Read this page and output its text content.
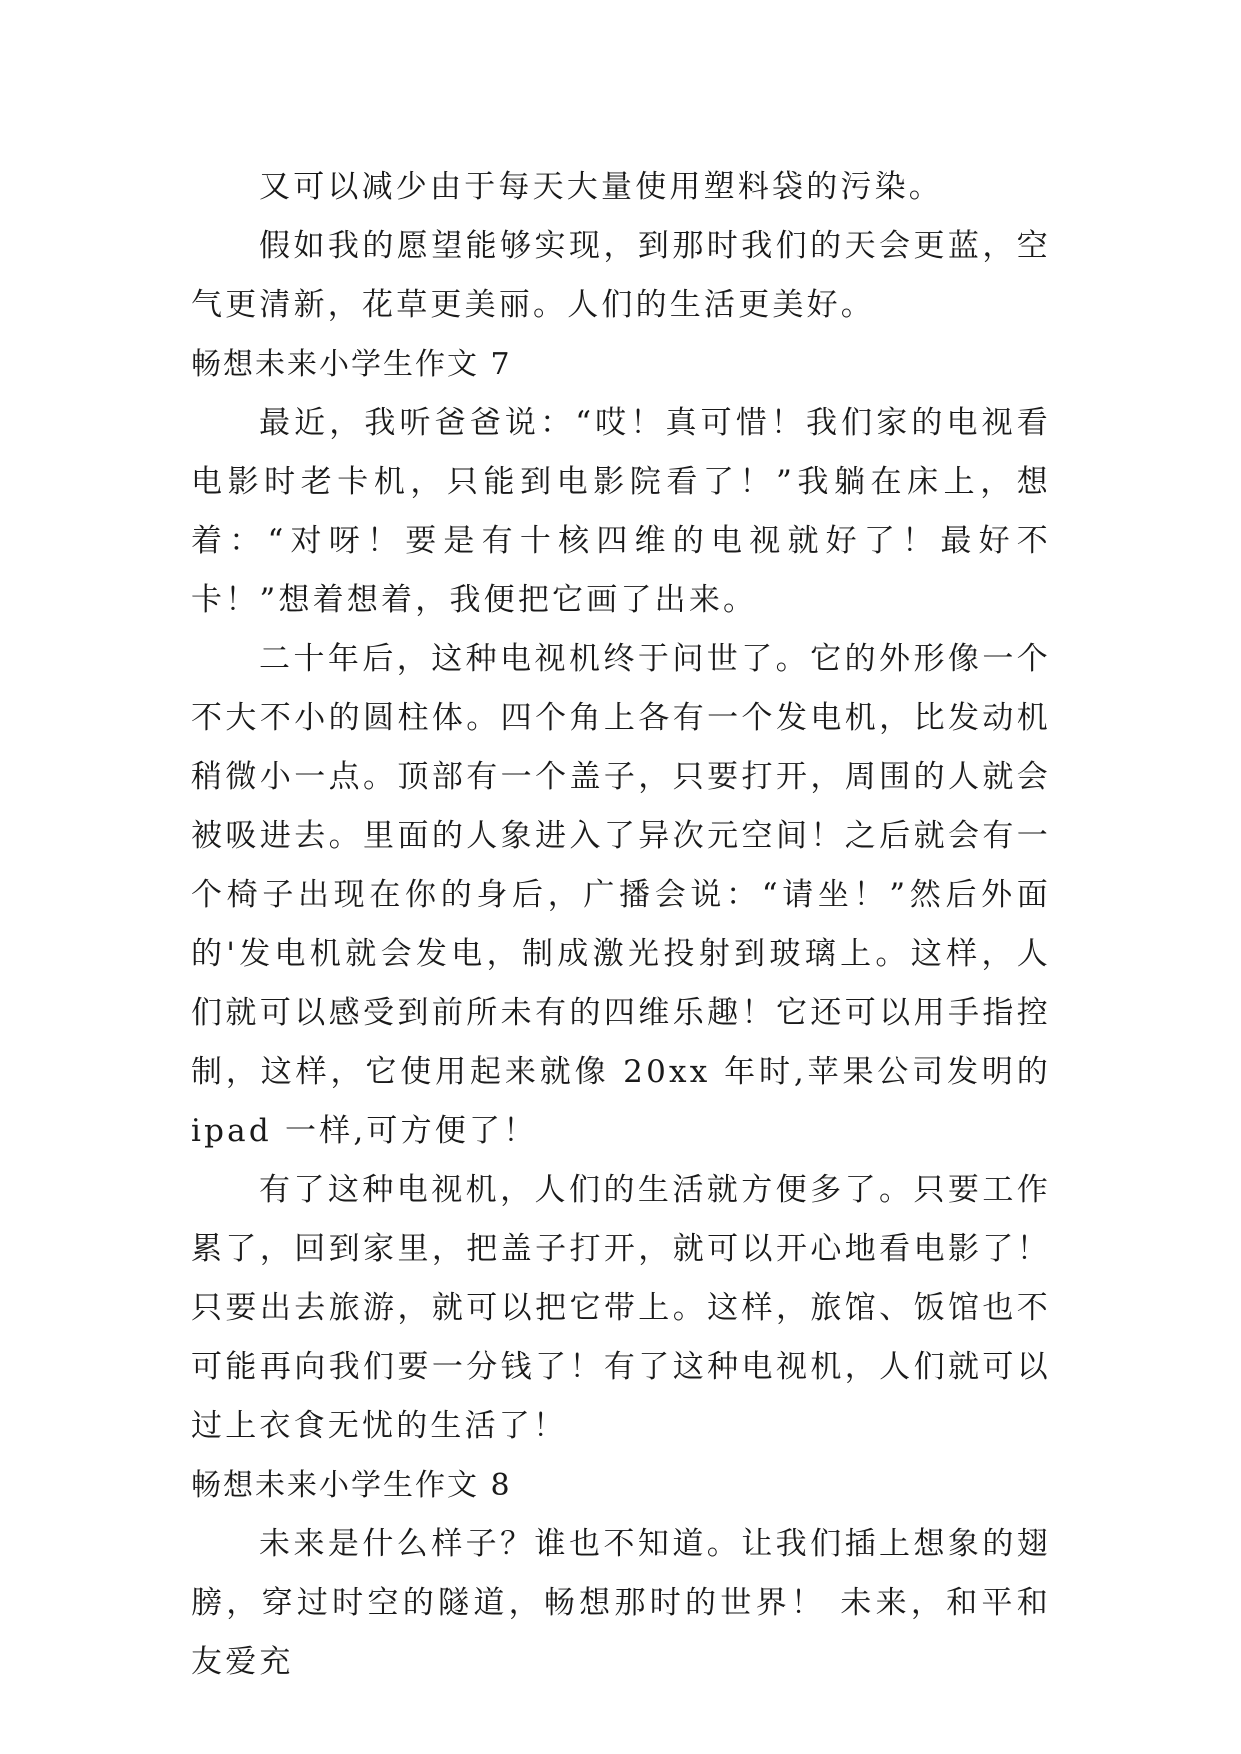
又可以减少由于每天大量使用塑料袋的污染。

假如我的愿望能够实现，到那时我们的天会更蓝，空气更清新，花草更美丽。人们的生活更美好。

畅想未来小学生作文 7

最近，我听爸爸说：“哎！真可惜！我们家的电视看电影时老卡机，只能到电影院看了！”我躺在床上，想着：“对呀！要是有十核四维的电视就好了！最好不卡！”想着想着，我便把它画了出来。

二十年后，这种电视机终于问世了。它的外形像一个不大不小的圆柱体。四个角上各有一个发电机，比发动机稍微小一点。顶部有一个盖子，只要打开，周围的人就会被吸进去。里面的人象进入了异次元空间！之后就会有一个椅子出现在你的身后，广播会说：“请坐！”然后外面的'发电机就会发电，制成激光投射到玻璃上。这样，人们就可以感受到前所未有的四维乐趣！它还可以用手指控制，这样，它使用起来就像 20xx 年时,苹果公司发明的 ipad 一样,可方便了！

有了这种电视机，人们的生活就方便多了。只要工作累了，回到家里，把盖子打开，就可以开心地看电影了！只要出去旅游，就可以把它带上。这样，旅馆、饭馆也不可能再向我们要一分钱了！有了这种电视机，人们就可以过上衣食无忧的生活了！

畅想未来小学生作文 8

未来是什么样子？谁也不知道。让我们插上想象的翅膀，穿过时空的隧道，畅想那时的世界！ 未来，和平和友爱充
